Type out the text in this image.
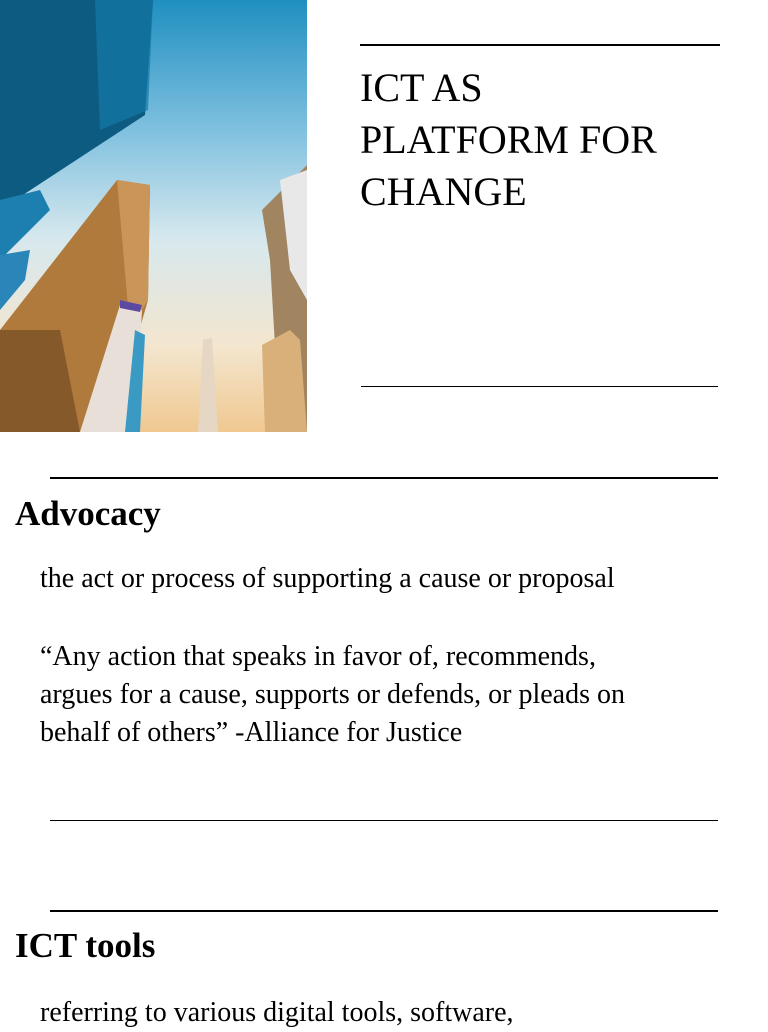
ICT AS
PLATFORM FOR
CHANGE
Advocacy
the act or process of supporting a cause or proposal
“Any action that speaks in favor of, recommends,
argues for a cause, supports or defends, or pleads on
behalf of others” -Alliance for Justice
ICT tools
referring to various digital tools, software,
